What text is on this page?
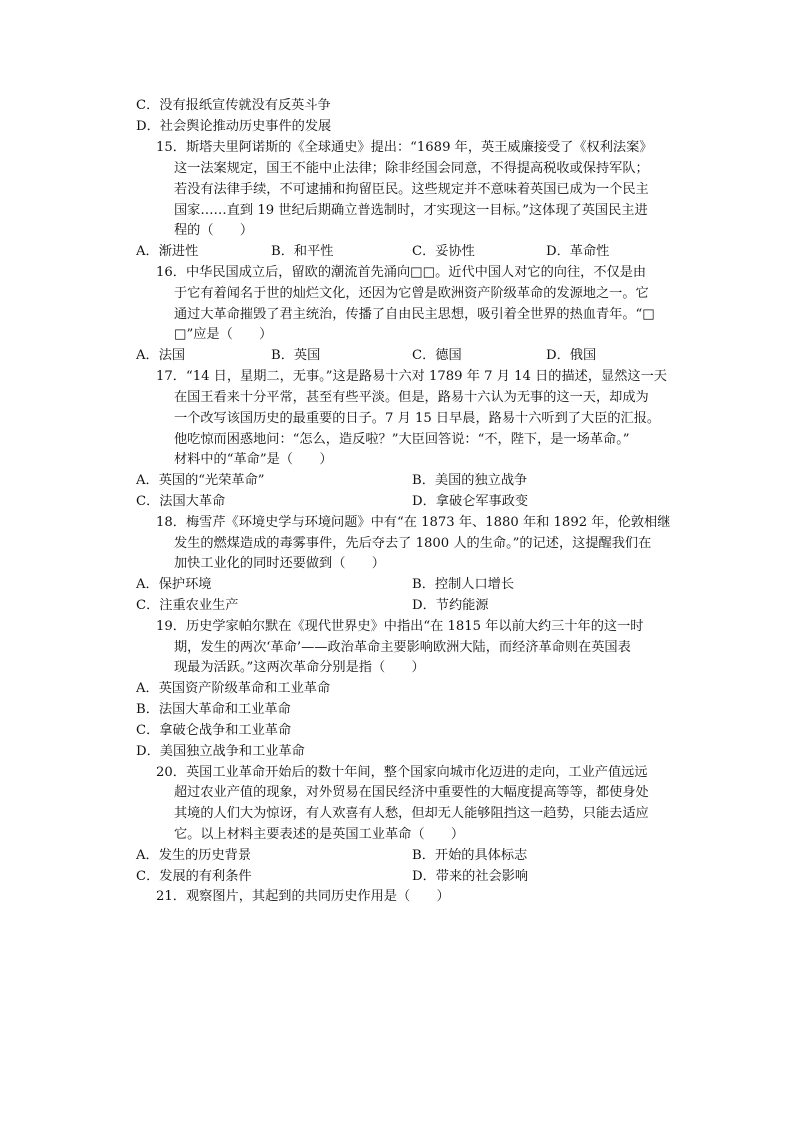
C．没有报纸宣传就没有反英斗争
D．社会舆论推动历史事件的发展
15．斯塔夫里阿诺斯的《全球通史》提出：“1689 年，英王威廉接受了《权利法案》
这一法案规定，国王不能中止法律；除非经国会同意，不得提高税收或保持军队；
若没有法律手续，不可逮捕和拘留臣民。这些规定并不意味着英国已成为一个民主
国家……直到 19 世纪后期确立普选制时，才实现这一目标。”这体现了英国民主进
程的（　　）
A．渐进性	B．和平性	C．妥协性	D．革命性
16．中华民国成立后，留欧的潮流首先涌向□□。近代中国人对它的向往，不仅是由
于它有着闻名于世的灿烂文化，还因为它曾是欧洲资产阶级革命的发源地之一。它
通过大革命摧毁了君主统治，传播了自由民主思想，吸引着全世界的热血青年。“□
□”应是（　　）
A．法国	B．英国	C．德国	D．俄国
17．“14 日，星期二，无事。”这是路易十六对 1789 年 7 月 14 日的描述，显然这一天
在国王看来十分平常，甚至有些平淡。但是，路易十六认为无事的这一天，却成为
一个改写该国历史的最重要的日子。7 月 15 日早晨，路易十六听到了大臣的汇报。
他吃惊而困惑地问：“怎么，造反啦？”大臣回答说：“不，陛下，是一场革命。”
材料中的“革命”是（　　）
A．英国的“光荣革命”	B．美国的独立战争
C．法国大革命	D．拿破仑军事政变
18．梅雪芹《环境史学与环境问题》中有“在 1873 年、1880 年和 1892 年，伦敦相继
发生的燃煤造成的毒雾事件，先后夺去了 1800 人的生命。”的记述，这提醒我们在
加快工业化的同时还要做到（　　）
A．保护环境	B．控制人口增长
C．注重农业生产	D．节约能源
19．历史学家帕尔默在《现代世界史》中指出“在 1815 年以前大约三十年的这一时
期，发生的两次‘革命’——政治革命主要影响欧洲大陆，而经济革命则在英国表
现最为活跃。”这两次革命分别是指（　　）
A．英国资产阶级革命和工业革命
B．法国大革命和工业革命
C．拿破仑战争和工业革命
D．美国独立战争和工业革命
20．英国工业革命开始后的数十年间，整个国家向城市化迈进的走向，工业产值远远
超过农业产值的现象，对外贸易在国民经济中重要性的大幅度提高等等，都使身处
其境的人们大为惊讶，有人欢喜有人愁，但却无人能够阻挡这一趋势，只能去适应
它。以上材料主要表述的是英国工业革命（　　）
A．发生的历史背景	B．开始的具体标志
C．发展的有利条件	D．带来的社会影响
21．观察图片，其起到的共同历史作用是（　　）
